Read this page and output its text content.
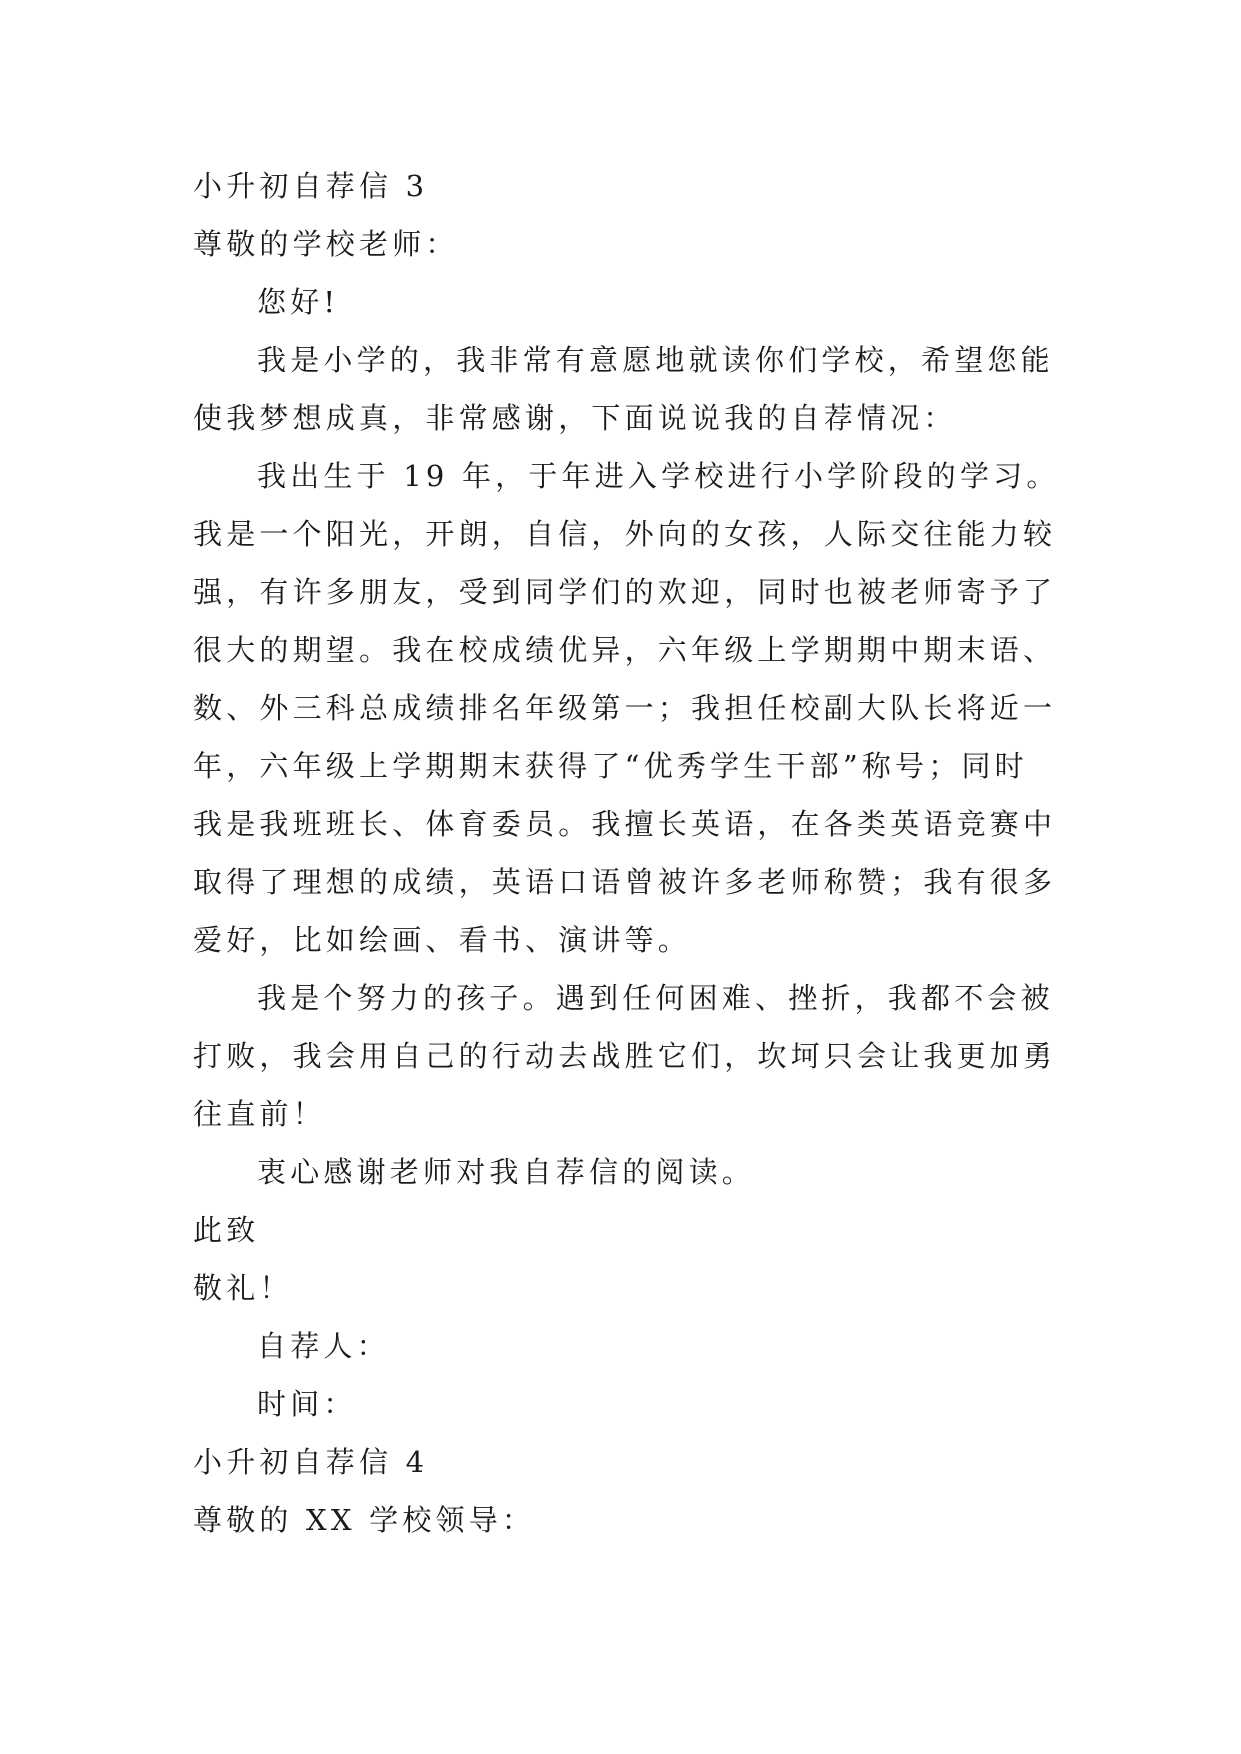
小升初自荐信 3
尊敬的学校老师：
您好!
我是小学的，我非常有意愿地就读你们学校，希望您能
使我梦想成真，非常感谢，下面说说我的自荐情况：
我出生于 19 年，于年进入学校进行小学阶段的学习。
我是一个阳光，开朗，自信，外向的女孩，人际交往能力较
强，有许多朋友，受到同学们的欢迎，同时也被老师寄予了
很大的期望。我在校成绩优异，六年级上学期期中期末语、
数、外三科总成绩排名年级第一；我担任校副大队长将近一
年，六年级上学期期末获得了“优秀学生干部”称号；同时
我是我班班长、体育委员。我擅长英语，在各类英语竞赛中
取得了理想的成绩，英语口语曾被许多老师称赞；我有很多
爱好，比如绘画、看书、演讲等。
我是个努力的孩子。遇到任何困难、挫折，我都不会被
打败，我会用自己的行动去战胜它们，坎坷只会让我更加勇
往直前！
衷心感谢老师对我自荐信的阅读。
此致
敬礼！
自荐人：
时间：
小升初自荐信 4
尊敬的 XX 学校领导：
